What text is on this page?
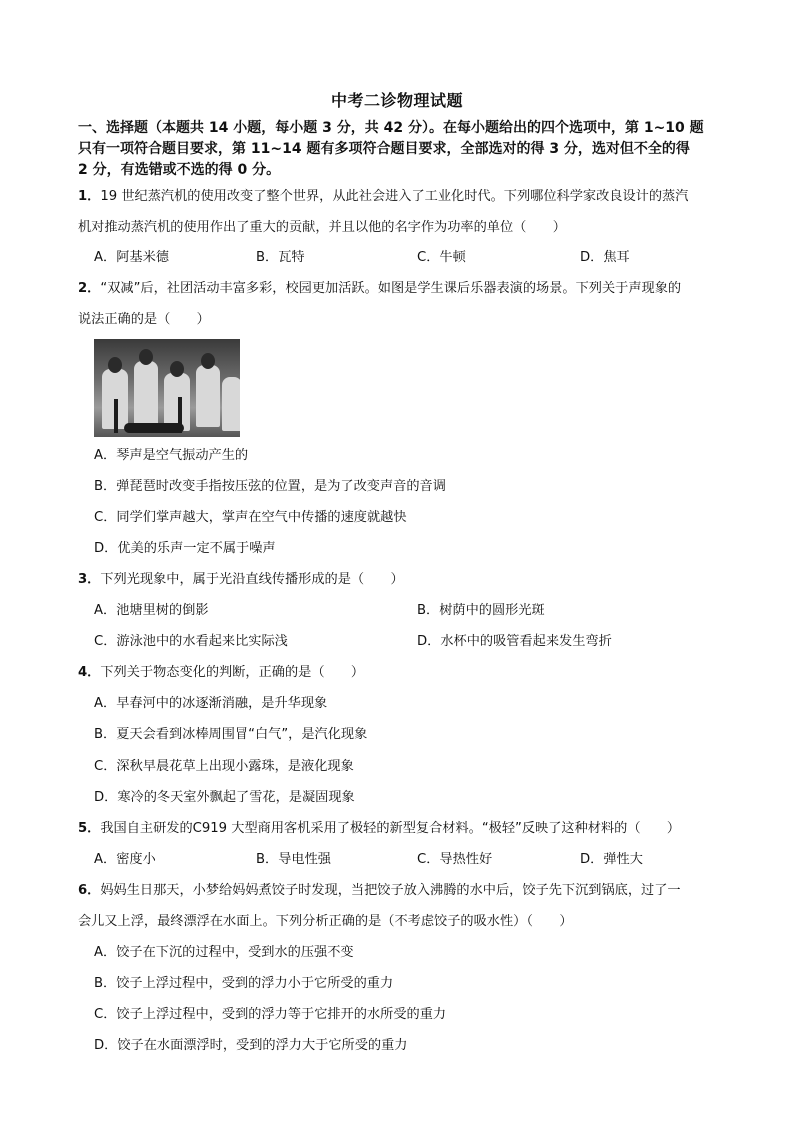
中考二诊物理试题
一、选择题（本题共 14 小题，每小题 3 分，共 42 分）。在每小题给出的四个选项中，第 1~10 题
只有一项符合题目要求，第 11~14 题有多项符合题目要求，全部选对的得 3 分，选对但不全的得
2 分，有选错或不选的得 0 分。
1．19 世纪蒸汽机的使用改变了整个世界，从此社会进入了工业化时代。下列哪位科学家改良设计的蒸汽
机对推动蒸汽机的使用作出了重大的贡献，并且以他的名字作为功率的单位（　　）
A．阿基米德	B．瓦特	C．牛顿	D．焦耳
2．“双减”后，社团活动丰富多彩，校园更加活跃。如图是学生课后乐器表演的场景。下列关于声现象的
说法正确的是（　　）
A．琴声是空气振动产生的
B．弹琵琶时改变手指按压弦的位置，是为了改变声音的音调
C．同学们掌声越大，掌声在空气中传播的速度就越快
D．优美的乐声一定不属于噪声
3．下列光现象中，属于光沿直线传播形成的是（　　）
A．池塘里树的倒影	B．树荫中的圆形光斑
C．游泳池中的水看起来比实际浅	D．水杯中的吸管看起来发生弯折
4．下列关于物态变化的判断，正确的是（　　）
A．早春河中的冰逐渐消融，是升华现象
B．夏天会看到冰棒周围冒“白气”，是汽化现象
C．深秋早晨花草上出现小露珠，是液化现象
D．寒冷的冬天室外飘起了雪花，是凝固现象
5．我国自主研发的C919 大型商用客机采用了极轻的新型复合材料。“极轻”反映了这种材料的（　　）
A．密度小	B．导电性强	C．导热性好	D．弹性大
6．妈妈生日那天，小梦给妈妈煮饺子时发现，当把饺子放入沸腾的水中后，饺子先下沉到锅底，过了一
会儿又上浮，最终漂浮在水面上。下列分析正确的是（不考虑饺子的吸水性）（　　）
A．饺子在下沉的过程中，受到水的压强不变
B．饺子上浮过程中，受到的浮力小于它所受的重力
C．饺子上浮过程中，受到的浮力等于它排开的水所受的重力
D．饺子在水面漂浮时，受到的浮力大于它所受的重力
